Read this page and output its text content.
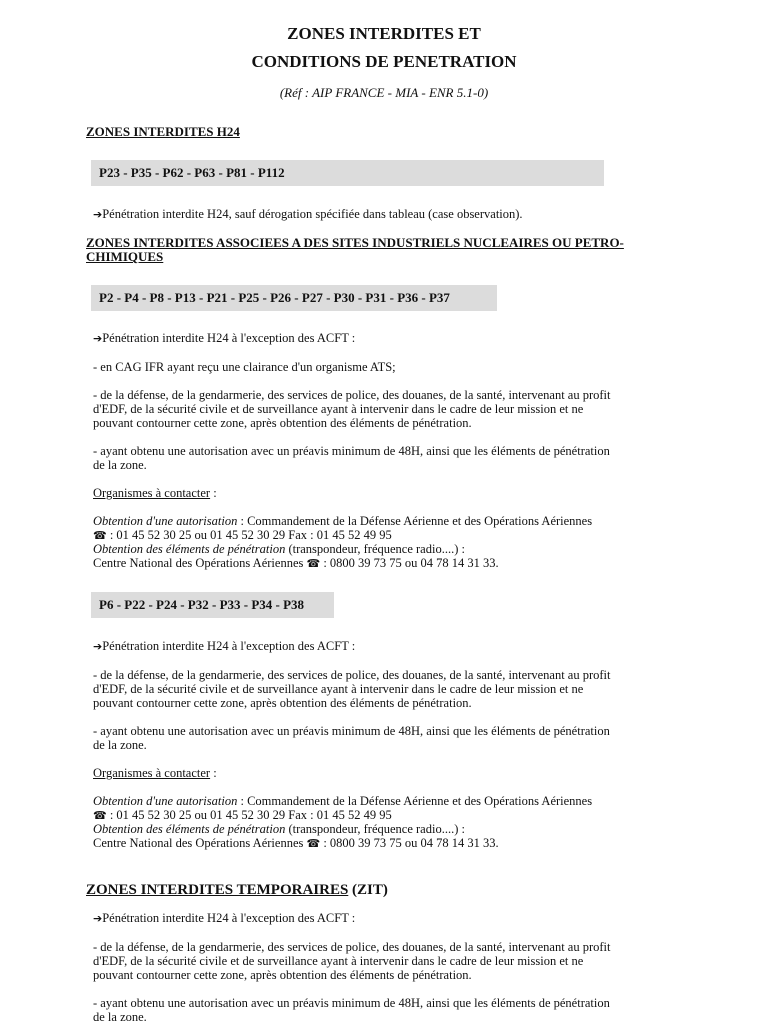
ZONES INTERDITES ET
CONDITIONS DE PENETRATION
(Réf : AIP FRANCE - MIA - ENR 5.1-0)
ZONES INTERDITES H24
P23 - P35 - P62 - P63 - P81 - P112
➔Pénétration interdite H24, sauf dérogation spécifiée dans tableau (case observation).
ZONES INTERDITES ASSOCIEES A DES SITES INDUSTRIELS NUCLEAIRES OU PETRO-
CHIMIQUES
P2 - P4 - P8 - P13 - P21 - P25 - P26 - P27 - P30 - P31 - P36 - P37
➔Pénétration interdite H24 à l'exception des ACFT :
- en CAG IFR ayant reçu une clairance d'un organisme ATS;
- de la défense, de la gendarmerie, des services de police, des douanes, de la santé, intervenant au profit
d'EDF, de la sécurité civile et de surveillance ayant à intervenir dans le cadre de leur mission et ne
pouvant contourner cette zone, après obtention des éléments de pénétration.
- ayant obtenu une autorisation avec un préavis minimum de 48H, ainsi que les éléments de pénétration
de la zone.
Organismes à contacter :
Obtention d'une autorisation : Commandement de la Défense Aérienne et des Opérations Aériennes
☎ : 01 45 52 30 25 ou 01 45 52 30 29 Fax : 01 45 52 49 95
Obtention des éléments de pénétration (transpondeur, fréquence radio....) :
Centre National des Opérations Aériennes ☎ : 0800 39 73 75 ou 04 78 14 31 33.
P6 - P22 - P24 - P32 - P33 - P34 - P38
➔Pénétration interdite H24 à l'exception des ACFT :
- de la défense, de la gendarmerie, des services de police, des douanes, de la santé, intervenant au profit
d'EDF, de la sécurité civile et de surveillance ayant à intervenir dans le cadre de leur mission et ne
pouvant contourner cette zone, après obtention des éléments de pénétration.
- ayant obtenu une autorisation avec un préavis minimum de 48H, ainsi que les éléments de pénétration
de la zone.
Organismes à contacter :
Obtention d'une autorisation : Commandement de la Défense Aérienne et des Opérations Aériennes
☎ : 01 45 52 30 25 ou 01 45 52 30 29 Fax : 01 45 52 49 95
Obtention des éléments de pénétration (transpondeur, fréquence radio....) :
Centre National des Opérations Aériennes ☎ : 0800 39 73 75 ou 04 78 14 31 33.
ZONES INTERDITES TEMPORAIRES (ZIT)
➔Pénétration interdite H24 à l'exception des ACFT :
- de la défense, de la gendarmerie, des services de police, des douanes, de la santé, intervenant au profit
d'EDF, de la sécurité civile et de surveillance ayant à intervenir dans le cadre de leur mission et ne
pouvant contourner cette zone, après obtention des éléments de pénétration.
- ayant obtenu une autorisation avec un préavis minimum de 48H, ainsi que les éléments de pénétration
de la zone.
